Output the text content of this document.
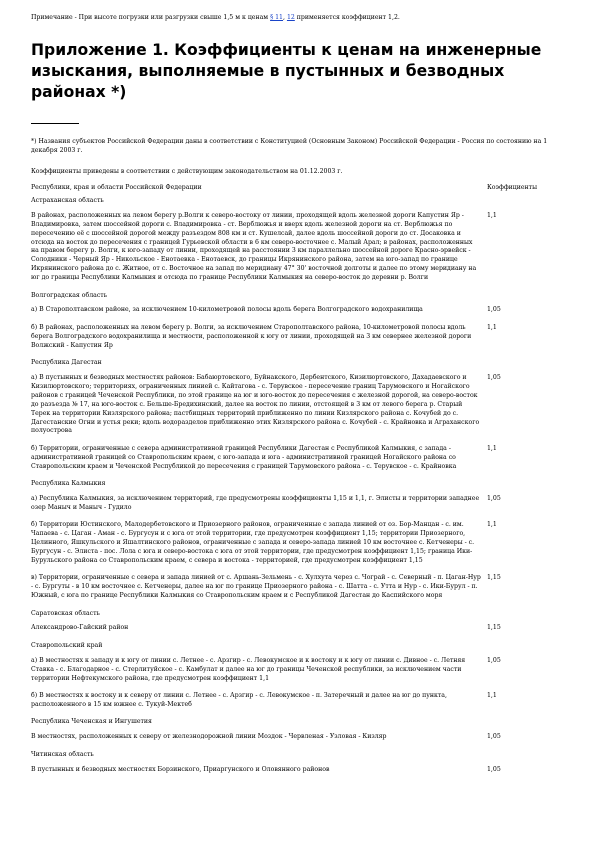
Примечание - При высоте погрузки или разгрузки свыше 1,5 м к ценам § 11, 12 применяется коэффициент 1,2.
Приложение 1. Коэффициенты к ценам на инженерные изыскания, выполняемые в пустынных и безводных районах *)
*) Названия субъектов Российской Федерации даны в соответствии с Конституцией (Основным Законом) Российской Федерации - Россия по состоянию на 1 декабря 2003 г.
Коэффициенты приведены в соответствии с действующим законодательством на 01.12.2003 г.
Республики, края и области Российской Федерации	Коэффициенты
Астраханская область	
В районах, расположенных на левом берегу р.Волги к северо-востоку от линии, проходящей вдоль железной дороги Капустин Яр - Владимировка, затем шоссейной дороги с. Владимировка - ст. Верблюжья и вверх вдоль железной дороги на ст. Верблюжья по пересечению её с шоссейной дорогой между разъездом 808 км и ст. Кушелсай, далее вдоль шоссейной дороги до ст. Досаковка и отсюда на восток до пересечения с границей Гурьевской области в 6 км северо-восточнее с. Малый Арал; в районах, расположенных на правом берегу р. Волги, к юго-западу от линии, проходящей на расстоянии 3 км параллельно шоссейной дороге Красно-эрвейск - Солодники - Черный Яр - Никольское - Енотаевка - Енотаевск, до границы Икрянинского района, затем на юго-запад по границе Икрянинского района до с. Житное, от с. Восточное на запад по меридиану 47° 30' восточной долготы и далее по этому меридиану на юг до границы Республики Калмыкия и отсюда по границе Республики Калмыкия на северо-восток до деревни р. Волги	1,1
Волгоградская область	
а) В Старополтавском районе, за исключением 10-километровой полосы вдоль берега Волгоградского водохранилища	1,05
б) В районах, расположенных на левом берегу р. Волги, за исключением Старополтавского района, 10-километровой полосы вдоль берега Волгоградского водохранилища и местности, расположенной к югу от линии, проходящей на 3 км севернее железной дороги Волжский - Капустин Яр	1,1
Республика Дагестан	
а) В пустынных и безводных местностях районов: Бабаюртовского, Буйнакского, Дербентского, Кизилюртовского, Дахадаевского и Кизилюртовского; территориях, ограниченных линией с. Кайтагова - с. Терувское - пересечение границ Тарумовского и Ногайского районов с границей Чеченской Республики, по этой границе на юг и юго-восток до пересечения с железной дорогой, на северо-восток до разъезда № 17, на юго-восток с. Бельше-Бредихинский, далее на восток по линии, отстоящей в 3 км от левого берега р. Старый Терек на территории Кизлярского района; пастбищных территорий приближенно по линии Кизлярского района с. Кочубей до с. Дагестанские Огни и устья реки; вдоль водоразделов приближенно этих Кизлярского района с. Кочубей - с. Крайновка и Аграханского полуострова	1,05
б) Территории, ограниченные с севера административной границей Республики Дагестан с Республикой Калмыкия, с запада - административной границей со Ставропольским краем, с юго-запада и юга - административной границей Ногайского района со Ставропольским краем и Чеченской Республикой до пересечения с границей Тарумовского района - с. Терувское - с. Крайновка	1,1
Республика Калмыкия	
а) Республика Калмыкия, за исключением территорий, где предусмотрены коэффициенты 1,15 и 1,1, г. Элисты и территории западнее озер Маныч и Маныч - Гудило	1,05
б) Территории Юстинского, Малодербетовского и Приозерного районов, ограниченные с запада линией от оз. Бор-Манцан - с. им. Чапаева - с. Цаган - Аман - с. Бургусун и с юга от этой территории, где предусмотрен коэффициент 1,15; территории Приозерного, Целинного, Яшкульского и Яшалтинского районов, ограниченные с запада и северо-запада линией 10 км восточнее с. Кетченеры - с. Бургусун - с. Элиста - пос. Лола с юга и северо-востока с юга от этой территории, где предусмотрен коэффициент 1,15; граница Ики-Бурульского района со Ставропольским краем, с севера и востока - территорией, где предусмотрен коэффициент 1,15	1,1
в) Территории, ограниченные с севера и запада линией от с. Аршань-Зельмень - с. Хулхута через с. Чограй - с. Северный - п. Цаган-Нур - с. Бургуты - в 10 км восточнее с. Кетченеры, далее на юг по границе Приозерного района - с. Шатта - с. Утта и Нур - с. Ики-Бурул - п. Южный, с юга по границе Республики Калмыкия со Ставропольским краем и с Республикой Дагестан до Каспийского моря	1,15
Саратовская область	
Александрово-Гайский район	1,15
Ставропольский край	
а) В местностях к западу и к югу от линии с. Летнее - с. Арзгир - с. Левокумское и к востоку и к югу от линии с. Дивное - с. Летняя Ставка - с. Благодарное - с. Стерлитуйское - с. Камбулат и далее на юг до границы Чеченской республики, за исключением части территории Нефтекумского района, где предусмотрен коэффициент 1,1	1,05
б) В местностях к востоку и к северу от линии с. Летнее - с. Арзгир - с. Левокумское - п. Затеречный и далее на юг до пункта, расположенного в 15 км южнее с. Тукуй-Мектеб	1,1
Республика Чеченская и Ингушетия	
В местностях, расположенных к северу от железнодорожной линии Моздок - Червленая - Узловая - Кизляр	1,05
Читинская область	
В пустынных и безводных местностях Борзинского, Приаргунского и Оловянного районов	1,05
